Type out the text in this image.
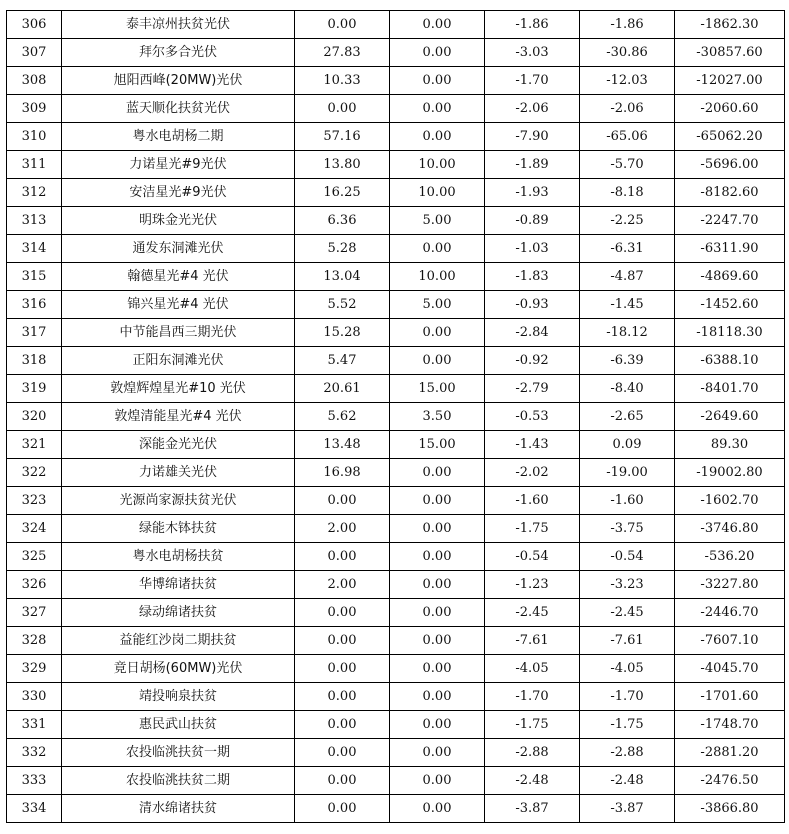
306	泰丰凉州扶贫光伏	0.00	0.00	-1.86	-1.86	-1862.30
307	拜尔多合光伏	27.83	0.00	-3.03	-30.86	-30857.60
308	旭阳西峰(20MW)光伏	10.33	0.00	-1.70	-12.03	-12027.00
309	蓝天顺化扶贫光伏	0.00	0.00	-2.06	-2.06	-2060.60
310	粤水电胡杨二期	57.16	0.00	-7.90	-65.06	-65062.20
311	力诺星光#9光伏	13.80	10.00	-1.89	-5.70	-5696.00
312	安洁星光#9光伏	16.25	10.00	-1.93	-8.18	-8182.60
313	明珠金光光伏	6.36	5.00	-0.89	-2.25	-2247.70
314	通发东洞滩光伏	5.28	0.00	-1.03	-6.31	-6311.90
315	翰德星光#4 光伏	13.04	10.00	-1.83	-4.87	-4869.60
316	锦兴星光#4 光伏	5.52	5.00	-0.93	-1.45	-1452.60
317	中节能昌西三期光伏	15.28	0.00	-2.84	-18.12	-18118.30
318	正阳东洞滩光伏	5.47	0.00	-0.92	-6.39	-6388.10
319	敦煌辉煌星光#10 光伏	20.61	15.00	-2.79	-8.40	-8401.70
320	敦煌清能星光#4 光伏	5.62	3.50	-0.53	-2.65	-2649.60
321	深能金光光伏	13.48	15.00	-1.43	0.09	89.30
322	力诺雄关光伏	16.98	0.00	-2.02	-19.00	-19002.80
323	光源尚家源扶贫光伏	0.00	0.00	-1.60	-1.60	-1602.70
324	绿能木钵扶贫	2.00	0.00	-1.75	-3.75	-3746.80
325	粤水电胡杨扶贫	0.00	0.00	-0.54	-0.54	-536.20
326	华博绵诸扶贫	2.00	0.00	-1.23	-3.23	-3227.80
327	绿动绵诸扶贫	0.00	0.00	-2.45	-2.45	-2446.70
328	益能红沙岗二期扶贫	0.00	0.00	-7.61	-7.61	-7607.10
329	竟日胡杨(60MW)光伏	0.00	0.00	-4.05	-4.05	-4045.70
330	靖投响泉扶贫	0.00	0.00	-1.70	-1.70	-1701.60
331	惠民武山扶贫	0.00	0.00	-1.75	-1.75	-1748.70
332	农投临洮扶贫一期	0.00	0.00	-2.88	-2.88	-2881.20
333	农投临洮扶贫二期	0.00	0.00	-2.48	-2.48	-2476.50
334	清水绵诸扶贫	0.00	0.00	-3.87	-3.87	-3866.80
